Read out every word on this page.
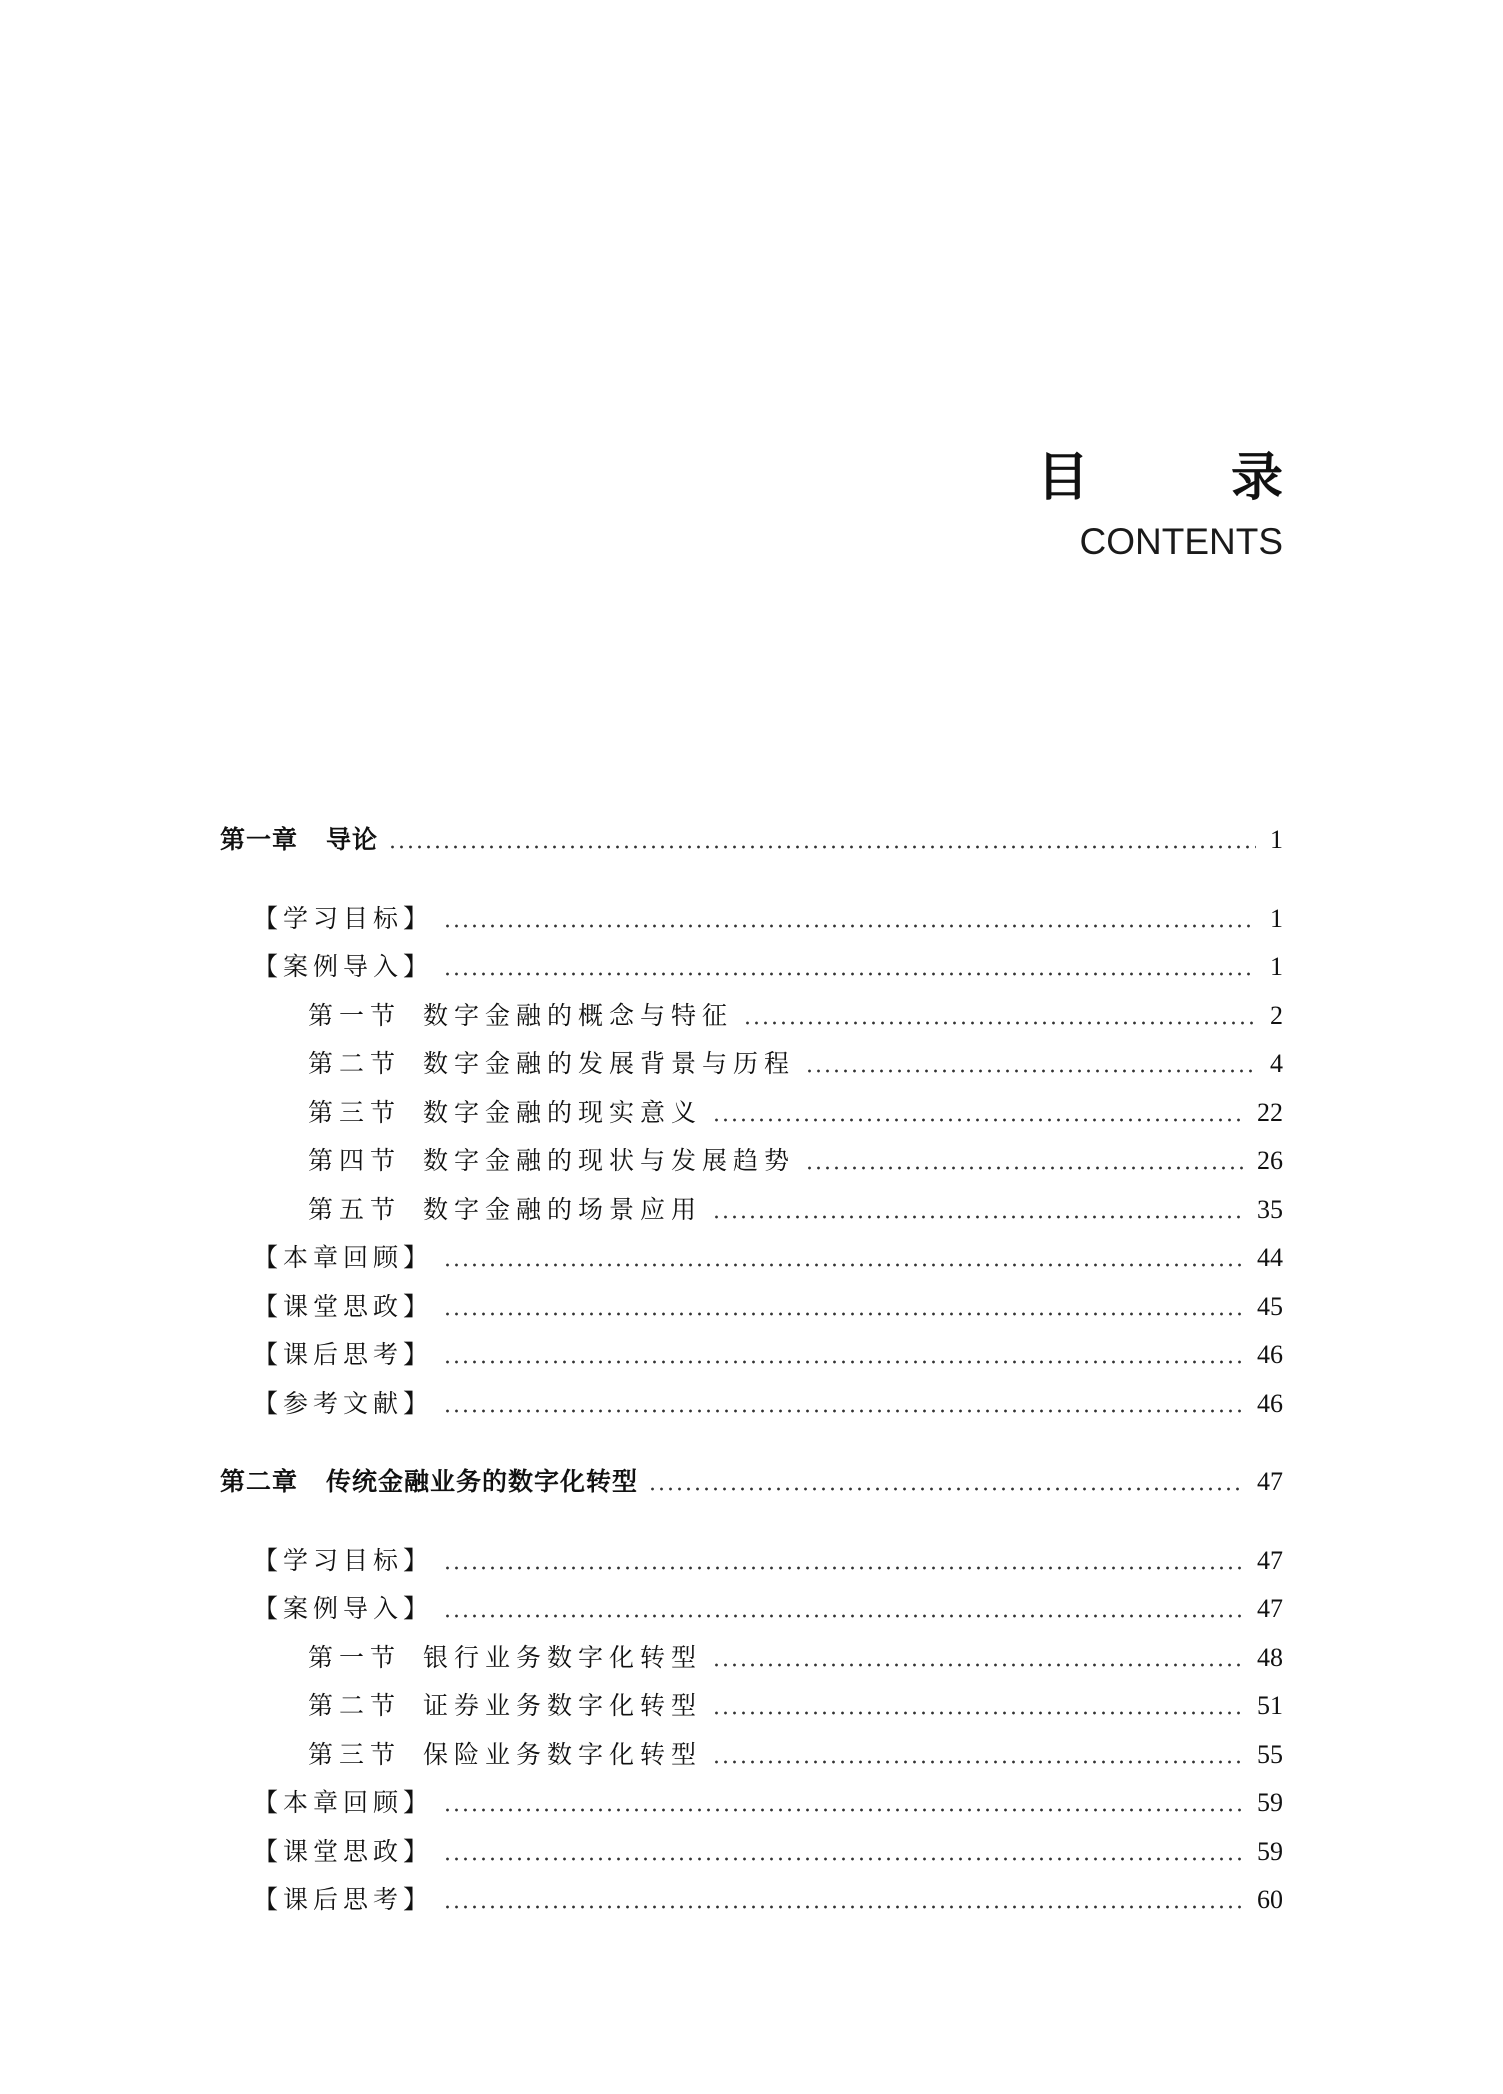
目 录
CONTENTS
第一章 导论	1
【学习目标】	1
【案例导入】	1
第一节 数字金融的概念与特征	2
第二节 数字金融的发展背景与历程	4
第三节 数字金融的现实意义	22
第四节 数字金融的现状与发展趋势	26
第五节 数字金融的场景应用	35
【本章回顾】	44
【课堂思政】	45
【课后思考】	46
【参考文献】	46
第二章 传统金融业务的数字化转型	47
【学习目标】	47
【案例导入】	47
第一节 银行业务数字化转型	48
第二节 证券业务数字化转型	51
第三节 保险业务数字化转型	55
【本章回顾】	59
【课堂思政】	59
【课后思考】	60
